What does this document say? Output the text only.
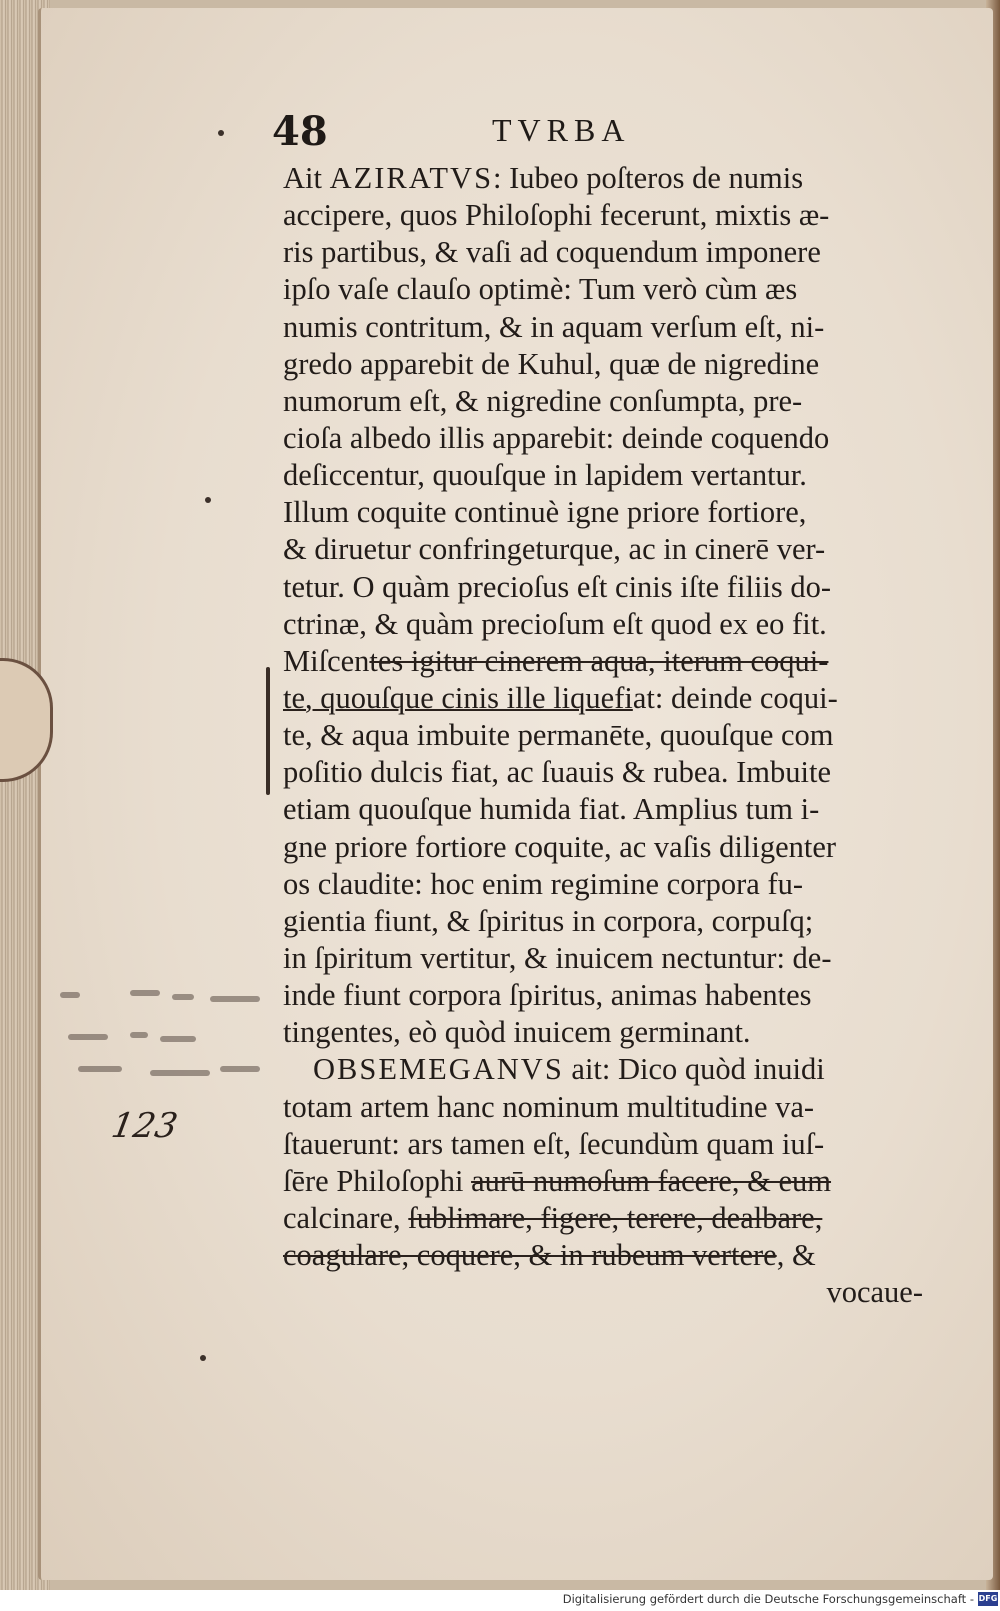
48	TVRBA
Ait AZIRATVS: Iubeo poſteros de numis
accipere, quos Philoſophi fecerunt, mixtis æ-
ris partibus, & vaſi ad coquendum imponere
ipſo vaſe clauſo optimè: Tum verò cùm æs
numis contritum, & in aquam verſum eſt, ni-
gredo apparebit de Kuhul, quæ de nigredine
numorum eſt, & nigredine conſumpta, pre-
cioſa albedo illis apparebit: deinde coquendo
deſiccentur, quouſque in lapidem vertantur.
Illum coquite continuè igne priore fortiore,
& diruetur confringeturque, ac in cinerē ver-
tetur. O quàm precioſus eſt cinis iſte filiis do-
ctrinæ, & quàm precioſum eſt quod ex eo fit.
Miſcentes igitur cinerem aqua, iterum coqui-
te, quouſque cinis ille liquefiat: deinde coqui-
te, & aqua imbuite permanēte, quouſque com
poſitio dulcis fiat, ac ſuauis & rubea. Imbuite
etiam quouſque humida fiat. Amplius tum i-
gne priore fortiore coquite, ac vaſis diligenter
os claudite: hoc enim regimine corpora fu-
gientia fiunt, & ſpiritus in corpora, corpuſq;
in ſpiritum vertitur, & inuicem nectuntur: de-
inde fiunt corpora ſpiritus, animas habentes
tingentes, eò quòd inuicem germinant.
OBSEMEGANVS ait: Dico quòd inuidi
totam artem hanc nominum multitudine va-
ſtauerunt: ars tamen eſt, ſecundùm quam iuſ-
ſēre Philoſophi aurū numoſum facere, & eum
calcinare, ſublimare, figere, terere, dealbare,
coagulare, coquere, & in rubeum vertere, &
vocaue-
123
Digitalisierung gefördert durch die Deutsche Forschungsgemeinschaft - DFG
